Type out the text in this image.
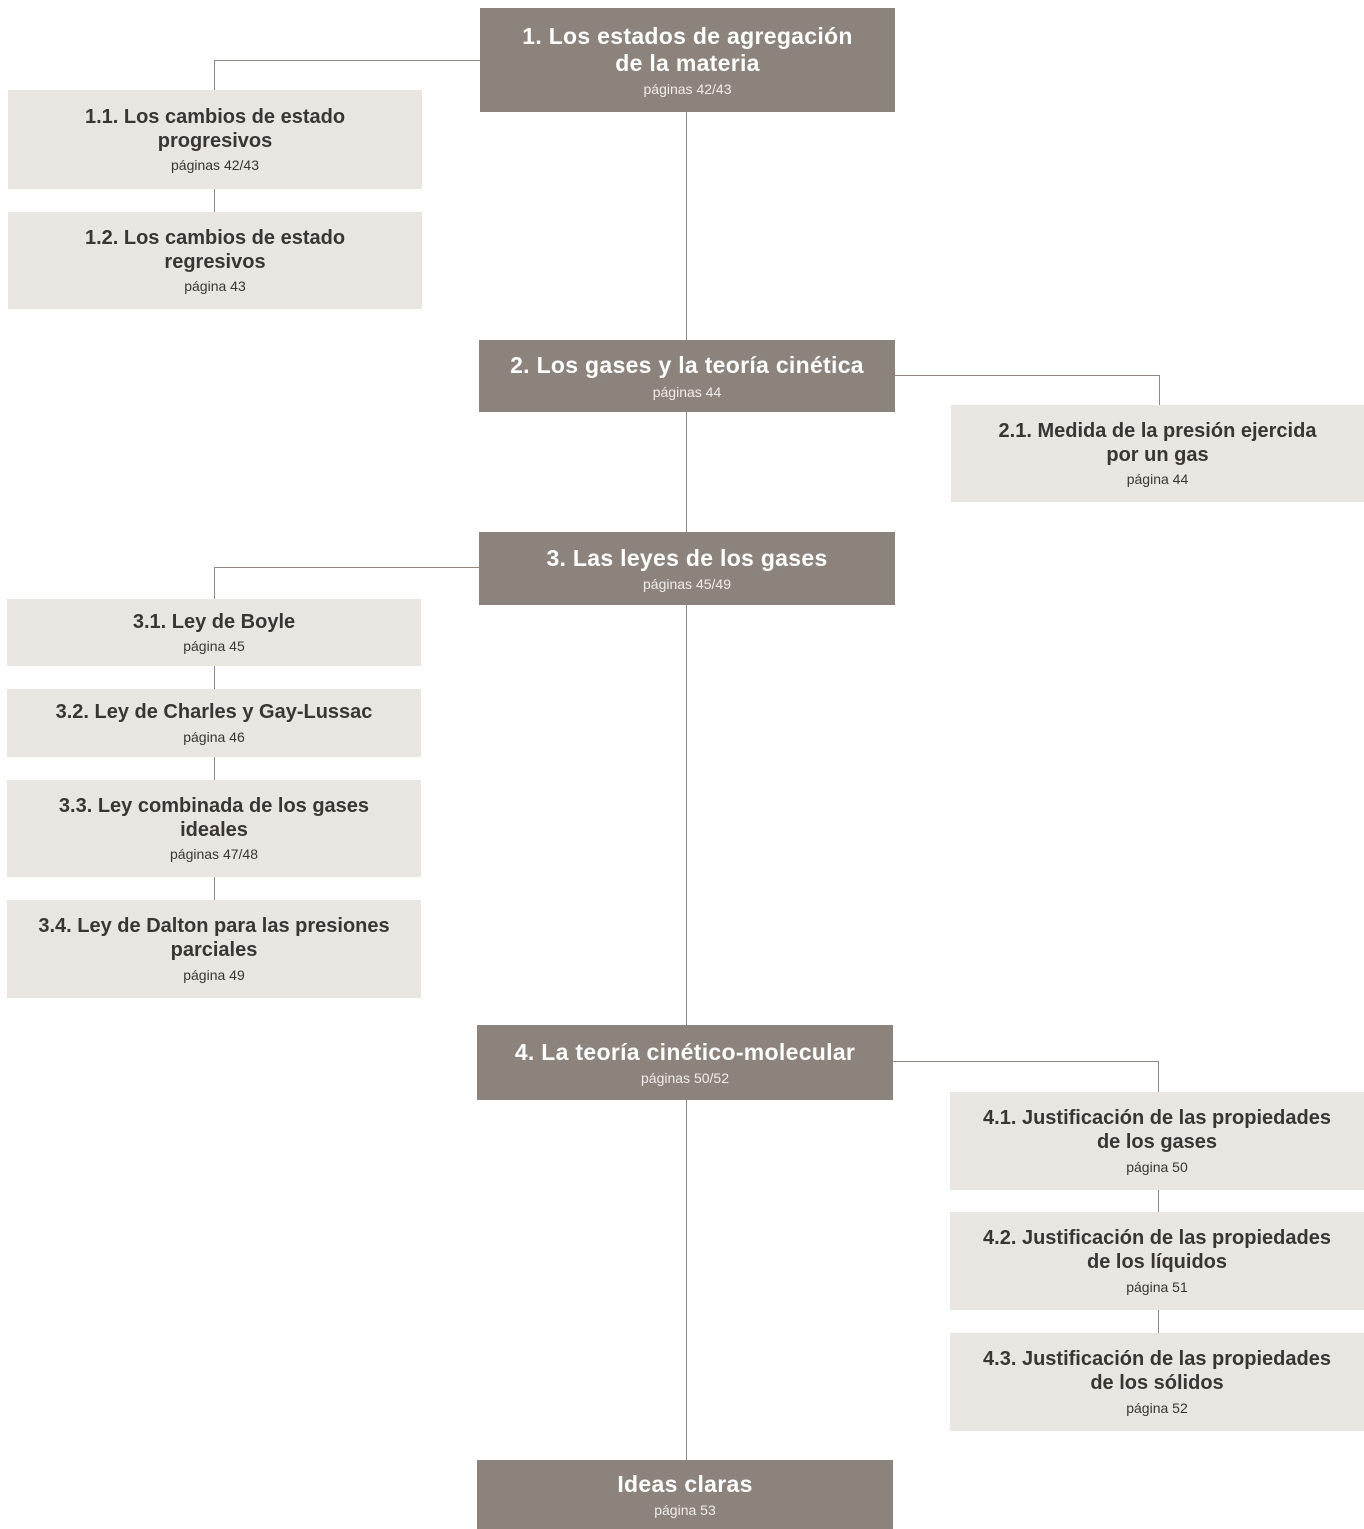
1. Los estados de agregación
de la materia
páginas 42/43
2. Los gases y la teoría cinética
páginas 44
3. Las leyes de los gases
páginas 45/49
4. La teoría cinético-molecular
páginas 50/52
Ideas claras
página 53
1.1. Los cambios de estado
progresivos
páginas 42/43
1.2. Los cambios de estado
regresivos
página 43
2.1. Medida de la presión ejercida
por un gas
página 44
3.1. Ley de Boyle
página 45
3.2. Ley de Charles y Gay-Lussac
página 46
3.3. Ley combinada de los gases
ideales
páginas 47/48
3.4. Ley de Dalton para las presiones
parciales
página 49
4.1. Justificación de las propiedades
de los gases
página 50
4.2. Justificación de las propiedades
de los líquidos
página 51
4.3. Justificación de las propiedades
de los sólidos
página 52
